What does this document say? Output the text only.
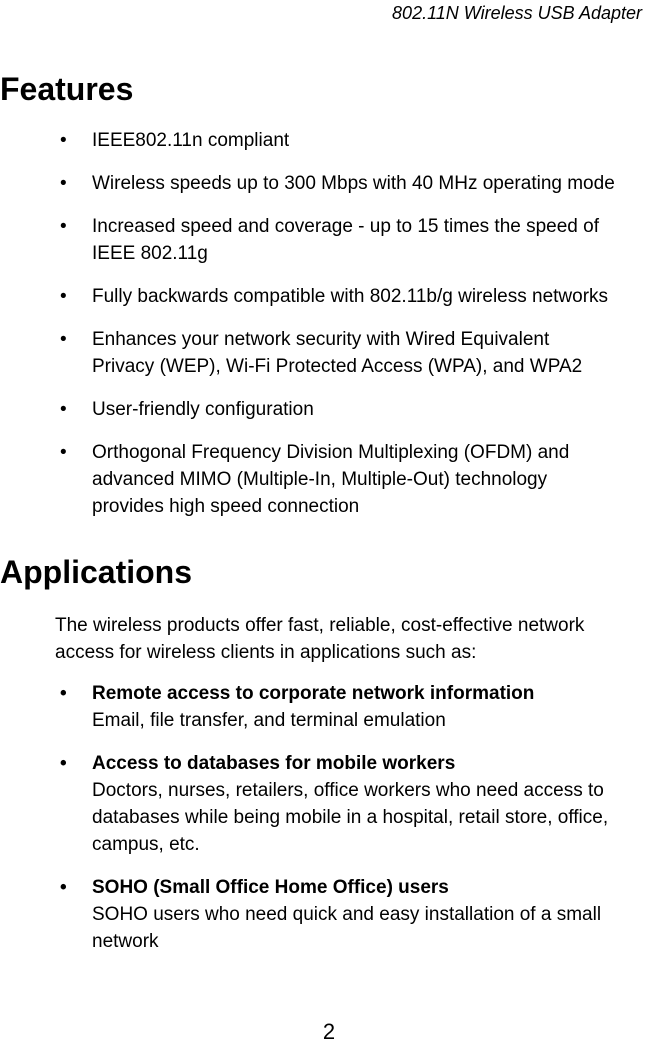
802.11N Wireless USB Adapter
Features
• IEEE802.11n compliant
• Wireless speeds up to 300 Mbps with 40 MHz operating mode
• Increased speed and coverage - up to 15 times the speed of
IEEE 802.11g
• Fully backwards compatible with 802.11b/g wireless networks
• Enhances your network security with Wired Equivalent
Privacy (WEP), Wi-Fi Protected Access (WPA), and WPA2
• User-friendly configuration
• Orthogonal Frequency Division Multiplexing (OFDM) and
advanced MIMO (Multiple-In, Multiple-Out) technology
provides high speed connection
Applications

The wireless products offer fast, reliable, cost-effective network
access for wireless clients in applications such as:

• Remote access to corporate network information
Email, file transfer, and terminal emulation
• Access to databases for mobile workers
Doctors, nurses, retailers, office workers who need access to
databases while being mobile in a hospital, retail store, office,
campus, etc.
• SOHO (Small Office Home Office) users
SOHO users who need quick and easy installation of a small
network
2
